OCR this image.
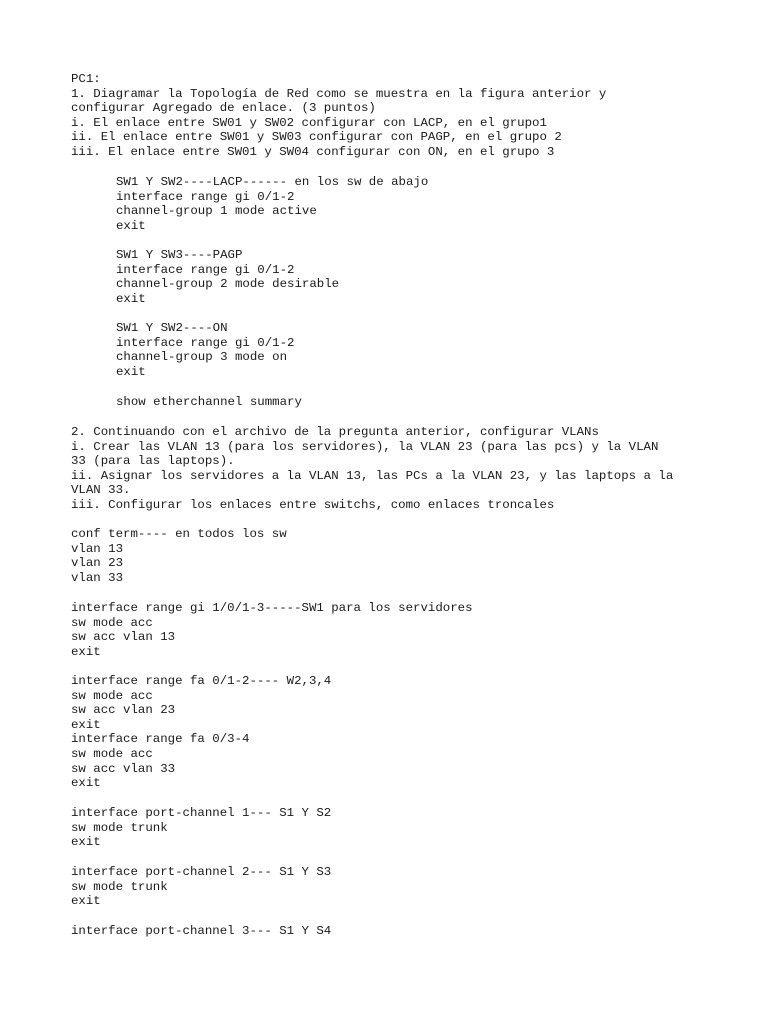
PC1:
1. Diagramar la Topología de Red como se muestra en la figura anterior y
configurar Agregado de enlace. (3 puntos)
i. El enlace entre SW01 y SW02 configurar con LACP, en el grupo1
ii. El enlace entre SW01 y SW03 configurar con PAGP, en el grupo 2
iii. El enlace entre SW01 y SW04 configurar con ON, en el grupo 3
SW1 Y SW2----LACP------ en los sw de abajo
interface range gi 0/1-2
channel-group 1 mode active
exit
SW1 Y SW3----PAGP
interface range gi 0/1-2
channel-group 2 mode desirable
exit
SW1 Y SW2----ON
interface range gi 0/1-2
channel-group 3 mode on
exit
show etherchannel summary
2. Continuando con el archivo de la pregunta anterior, configurar VLANs
i. Crear las VLAN 13 (para los servidores), la VLAN 23 (para las pcs) y la VLAN
33 (para las laptops).
ii. Asignar los servidores a la VLAN 13, las PCs a la VLAN 23, y las laptops a la
VLAN 33.
iii. Configurar los enlaces entre switchs, como enlaces troncales
conf term---- en todos los sw
vlan 13
vlan 23
vlan 33
interface range gi 1/0/1-3-----SW1 para los servidores
sw mode acc
sw acc vlan 13
exit
interface range fa 0/1-2---- W2,3,4
sw mode acc
sw acc vlan 23
exit
interface range fa 0/3-4
sw mode acc
sw acc vlan 33
exit
interface port-channel 1--- S1 Y S2
sw mode trunk
exit
interface port-channel 2--- S1 Y S3
sw mode trunk
exit
interface port-channel 3--- S1 Y S4
